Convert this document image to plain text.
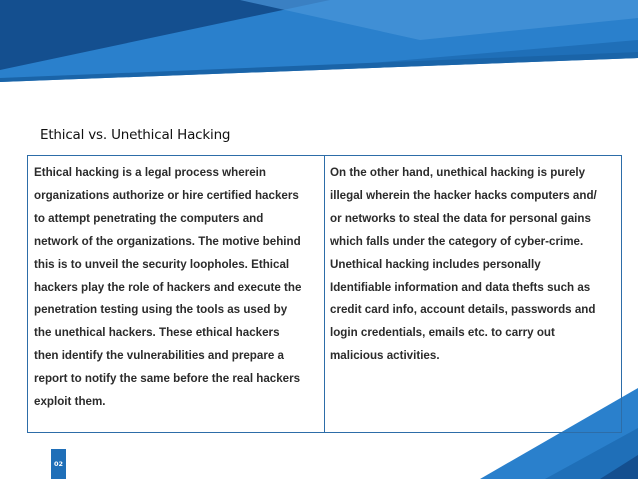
Ethical vs. Unethical Hacking

Ethical hacking is a legal process wherein
organizations authorize or hire certified hackers
to attempt penetrating the computers and
network of the organizations. The motive behind
this is to unveil the security loopholes. Ethical
hackers play the role of hackers and execute the
penetration testing using the tools as used by
the unethical hackers. These ethical hackers
then identify the vulnerabilities and prepare a
report to notify the same before the real hackers
exploit them.

On the other hand, unethical hacking is purely
illegal wherein the hacker hacks computers and/
or networks to steal the data for personal gains
which falls under the category of cyber-crime.
Unethical hacking includes personally
Identifiable information and data thefts such as
credit card info, account details, passwords and
login credentials, emails etc. to carry out
malicious activities.

02
